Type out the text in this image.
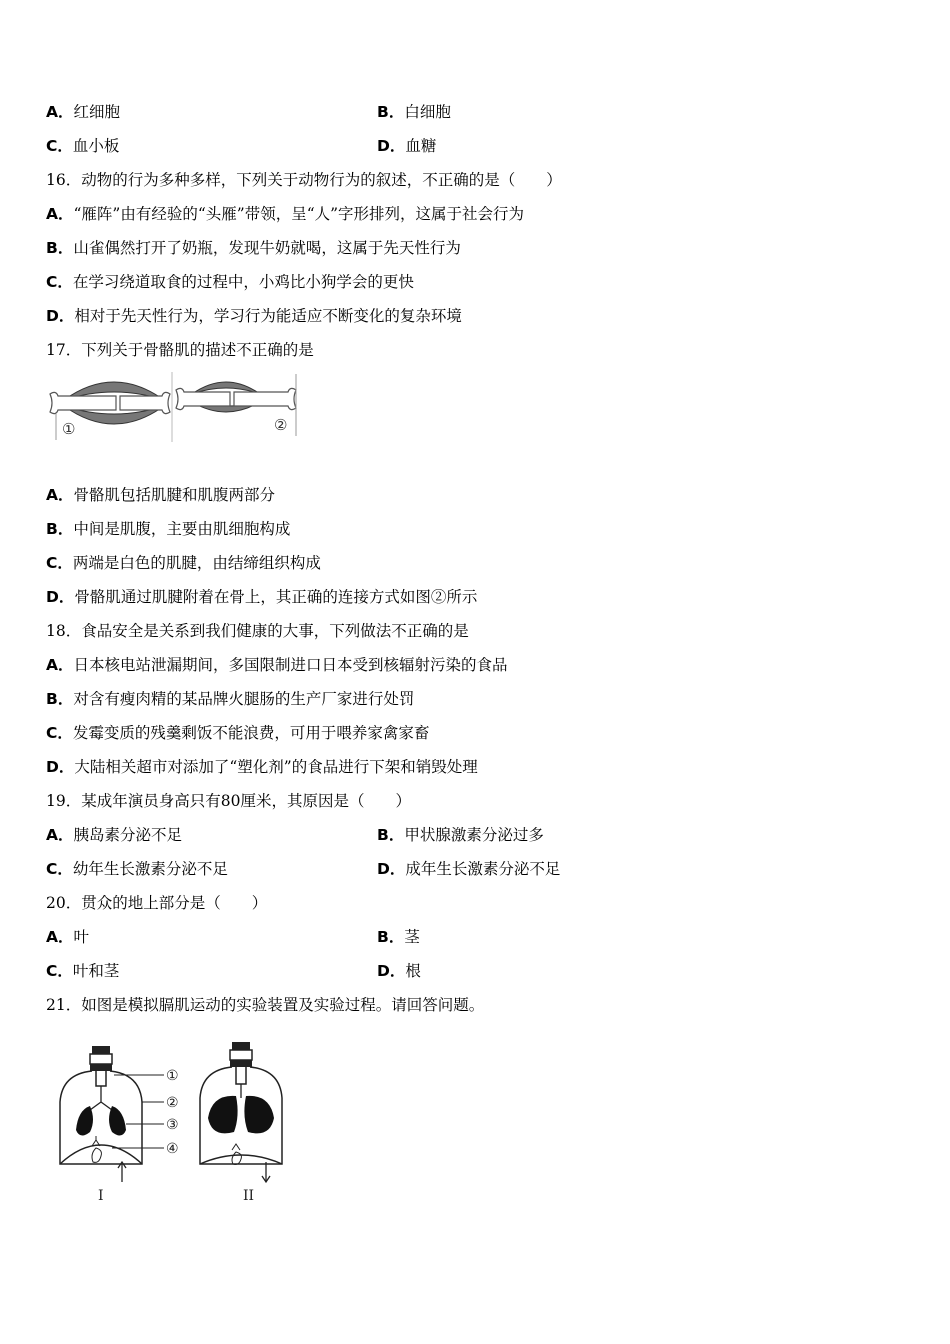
A．红细胞	B．白细胞
C．血小板	D．血糖
16．动物的行为多种多样，下列关于动物行为的叙述，不正确的是（　　）
A．“雁阵”由有经验的“头雁”带领，呈“人”字形排列，这属于社会行为
B．山雀偶然打开了奶瓶，发现牛奶就喝，这属于先天性行为
C．在学习绕道取食的过程中，小鸡比小狗学会的更快
D．相对于先天性行为，学习行为能适应不断变化的复杂环境
17．下列关于骨骼肌的描述不正确的是
①	②
A．骨骼肌包括肌腱和肌腹两部分
B．中间是肌腹，主要由肌细胞构成
C．两端是白色的肌腱，由结缔组织构成
D．骨骼肌通过肌腱附着在骨上，其正确的连接方式如图②所示
18．食品安全是关系到我们健康的大事，下列做法不正确的是
A．日本核电站泄漏期间，多国限制进口日本受到核辐射污染的食品
B．对含有瘦肉精的某品牌火腿肠的生产厂家进行处罚
C．发霉变质的残羹剩饭不能浪费，可用于喂养家禽家畜
D．大陆相关超市对添加了“塑化剂”的食品进行下架和销毁处理
19．某成年演员身高只有80厘米，其原因是（　　）
A．胰岛素分泌不足	B．甲状腺激素分泌过多
C．幼年生长激素分泌不足	D．成年生长激素分泌不足
20．贯众的地上部分是（　　）
A．叶	B．茎
C．叶和茎	D．根
21．如图是模拟膈肌运动的实验装置及实验过程。请回答问题。
①
②
③
④
I	II
